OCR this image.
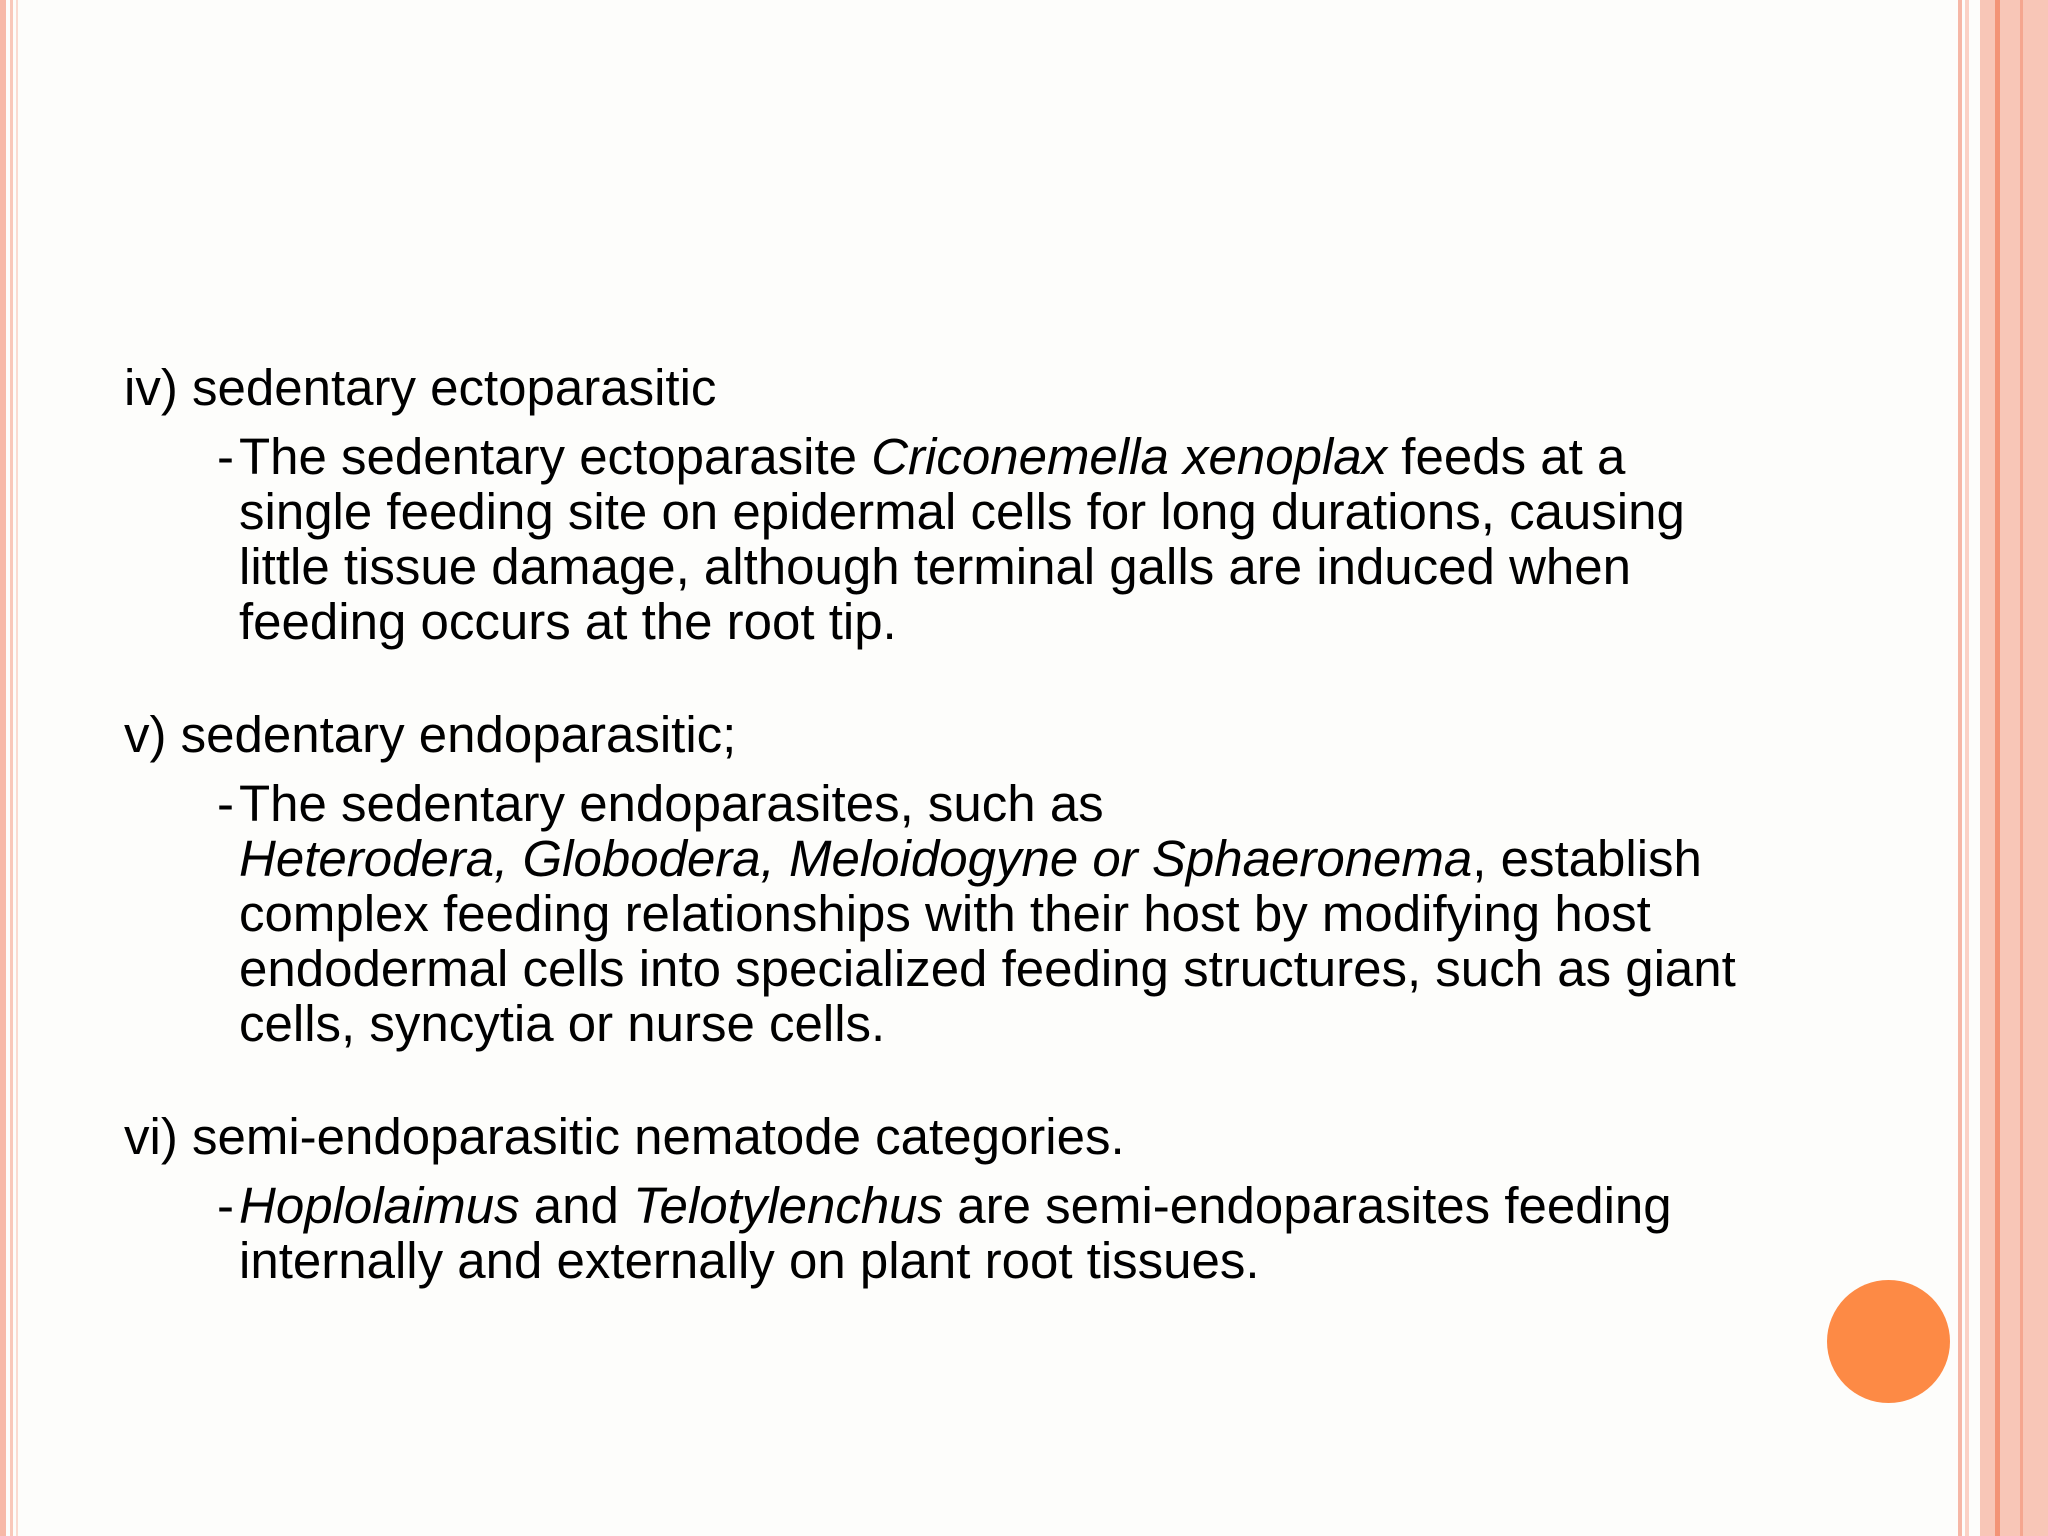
iv) sedentary ectoparasitic

- The sedentary ectoparasite Criconemella xenoplax feeds at a
single feeding site on epidermal cells for long durations, causing
little tissue damage, although terminal galls are induced when
feeding occurs at the root tip.

v) sedentary endoparasitic;

- The sedentary endoparasites, such as
Heterodera, Globodera, Meloidogyne or Sphaeronema, establish
complex feeding relationships with their host by modifying host
endodermal cells into specialized feeding structures, such as giant
cells, syncytia or nurse cells.

vi) semi-endoparasitic nematode categories.

- Hoplolaimus and Telotylenchus are semi-endoparasites feeding
internally and externally on plant root tissues.
